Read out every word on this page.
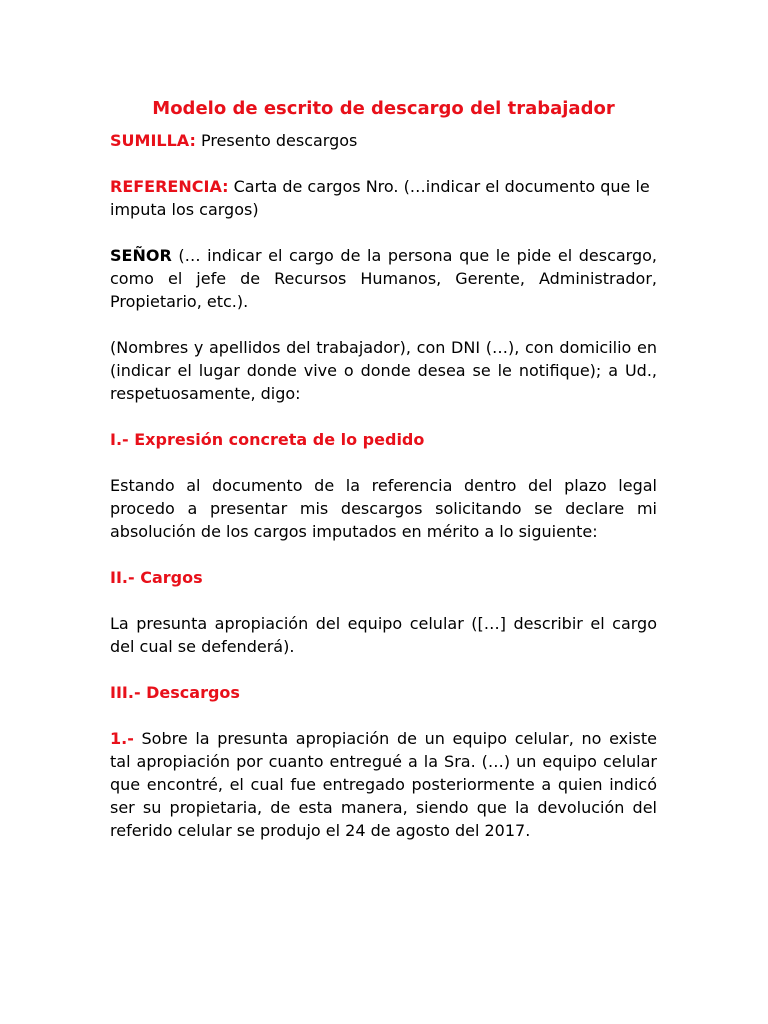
Modelo de escrito de descargo del trabajador

SUMILLA: Presento descargos

REFERENCIA: Carta de cargos Nro. (…indicar el documento que le imputa los cargos)

SEÑOR (… indicar el cargo de la persona que le pide el descargo, como el jefe de Recursos Humanos, Gerente, Administrador, Propietario, etc.).

(Nombres y apellidos del trabajador), con DNI (…), con domicilio en (indicar el lugar donde vive o donde desea se le notifique); a Ud., respetuosamente, digo:

I.- Expresión concreta de lo pedido

Estando al documento de la referencia dentro del plazo legal procedo a presentar mis descargos solicitando se declare mi absolución de los cargos imputados en mérito a lo siguiente:

II.- Cargos

La presunta apropiación del equipo celular ([…] describir el cargo del cual se defenderá).

III.- Descargos

1.- Sobre la presunta apropiación de un equipo celular, no existe tal apropiación por cuanto entregué a la Sra. (…) un equipo celular que encontré, el cual fue entregado posteriormente a quien indicó ser su propietaria, de esta manera, siendo que la devolución del referido celular se produjo el 24 de agosto del 2017.
